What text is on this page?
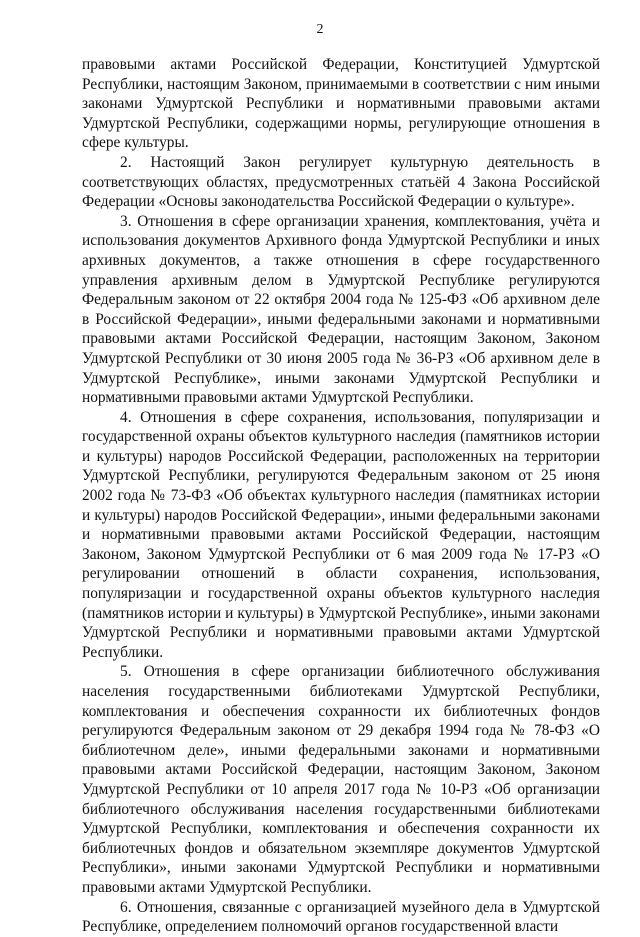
2

правовыми актами Российской Федерации, Конституцией Удмуртской Республики, настоящим Законом, принимаемыми в соответствии с ним иными законами Удмуртской Республики и нормативными правовыми актами Удмуртской Республики, содержащими нормы, регулирующие отношения в сфере культуры.

2. Настоящий Закон регулирует культурную деятельность в соответствующих областях, предусмотренных статьёй 4 Закона Российской Федерации «Основы законодательства Российской Федерации о культуре».

3. Отношения в сфере организации хранения, комплектования, учёта и использования документов Архивного фонда Удмуртской Республики и иных архивных документов, а также отношения в сфере государственного управления архивным делом в Удмуртской Республике регулируются Федеральным законом от 22 октября 2004 года № 125-ФЗ «Об архивном деле в Российской Федерации», иными федеральными законами и нормативными правовыми актами Российской Федерации, настоящим Законом, Законом Удмуртской Республики от 30 июня 2005 года № 36-РЗ «Об архивном деле в Удмуртской Республике», иными законами Удмуртской Республики и нормативными правовыми актами Удмуртской Республики.

4. Отношения в сфере сохранения, использования, популяризации и государственной охраны объектов культурного наследия (памятников истории и культуры) народов Российской Федерации, расположенных на территории Удмуртской Республики, регулируются Федеральным законом от 25 июня 2002 года № 73-ФЗ «Об объектах культурного наследия (памятниках истории и культуры) народов Российской Федерации», иными федеральными законами и нормативными правовыми актами Российской Федерации, настоящим Законом, Законом Удмуртской Республики от 6 мая 2009 года № 17-РЗ «О регулировании отношений в области сохранения, использования, популяризации и государственной охраны объектов культурного наследия (памятников истории и культуры) в Удмуртской Республике», иными законами Удмуртской Республики и нормативными правовыми актами Удмуртской Республики.

5. Отношения в сфере организации библиотечного обслуживания населения государственными библиотеками Удмуртской Республики, комплектования и обеспечения сохранности их библиотечных фондов регулируются Федеральным законом от 29 декабря 1994 года № 78-ФЗ «О библиотечном деле», иными федеральными законами и нормативными правовыми актами Российской Федерации, настоящим Законом, Законом Удмуртской Республики от 10 апреля 2017 года № 10-РЗ «Об организации библиотечного обслуживания населения государственными библиотеками Удмуртской Республики, комплектования и обеспечения сохранности их библиотечных фондов и обязательном экземпляре документов Удмуртской Республики», иными законами Удмуртской Республики и нормативными правовыми актами Удмуртской Республики.

6. Отношения, связанные с организацией музейного дела в Удмуртской Республике, определением полномочий органов государственной власти
